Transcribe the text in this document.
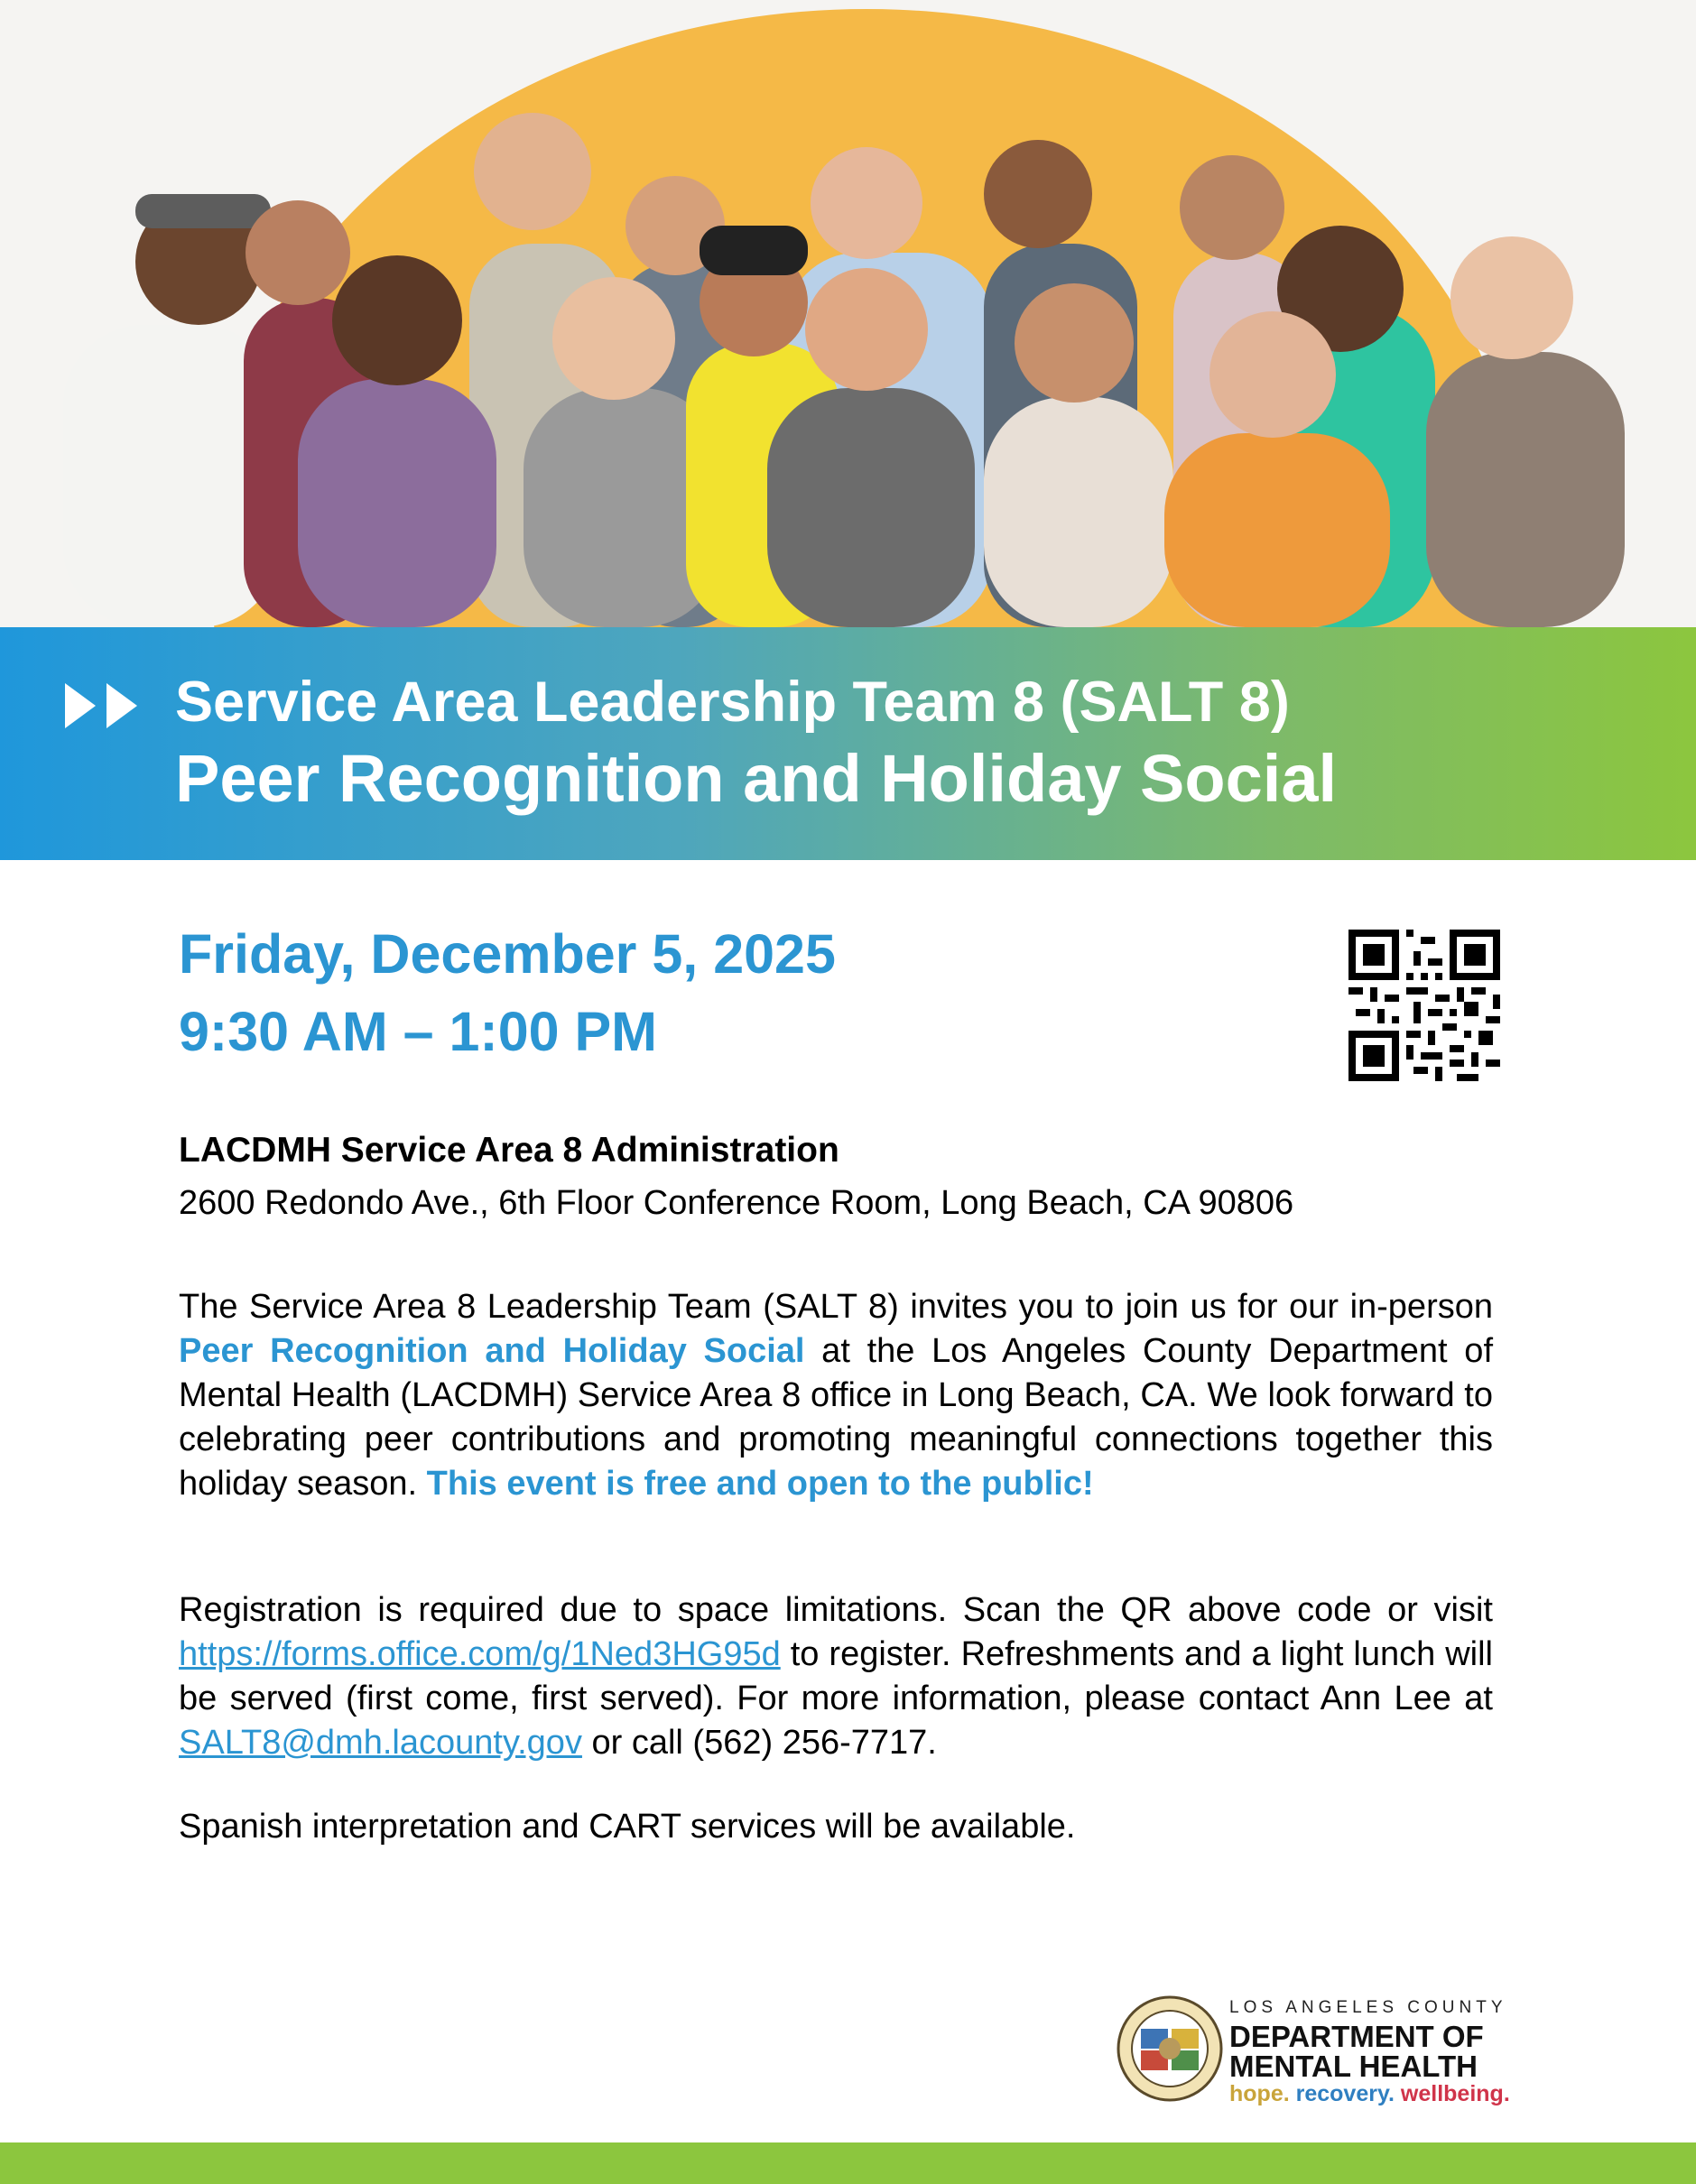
Service Area Leadership Team 8 (SALT 8)
Peer Recognition and Holiday Social
Friday, December 5, 2025
9:30 AM – 1:00 PM
LACDMH Service Area 8 Administration
2600 Redondo Ave., 6th Floor Conference Room, Long Beach, CA 90806
The Service Area 8 Leadership Team (SALT 8) invites you to join us for our in-person Peer Recognition and Holiday Social at the Los Angeles County Department of Mental Health (LACDMH) Service Area 8 office in Long Beach, CA. We look forward to celebrating peer contributions and promoting meaningful connections together this holiday season. This event is free and open to the public!
Registration is required due to space limitations. Scan the QR above code or visit https://forms.office.com/g/1Ned3HG95d to register. Refreshments and a light lunch will be served (first come, first served). For more information, please contact Ann Lee at SALT8@dmh.lacounty.gov or call (562) 256-7717.
Spanish interpretation and CART services will be available.
LOS ANGELES COUNTY
DEPARTMENT OF
MENTAL HEALTH
hope. recovery. wellbeing.
